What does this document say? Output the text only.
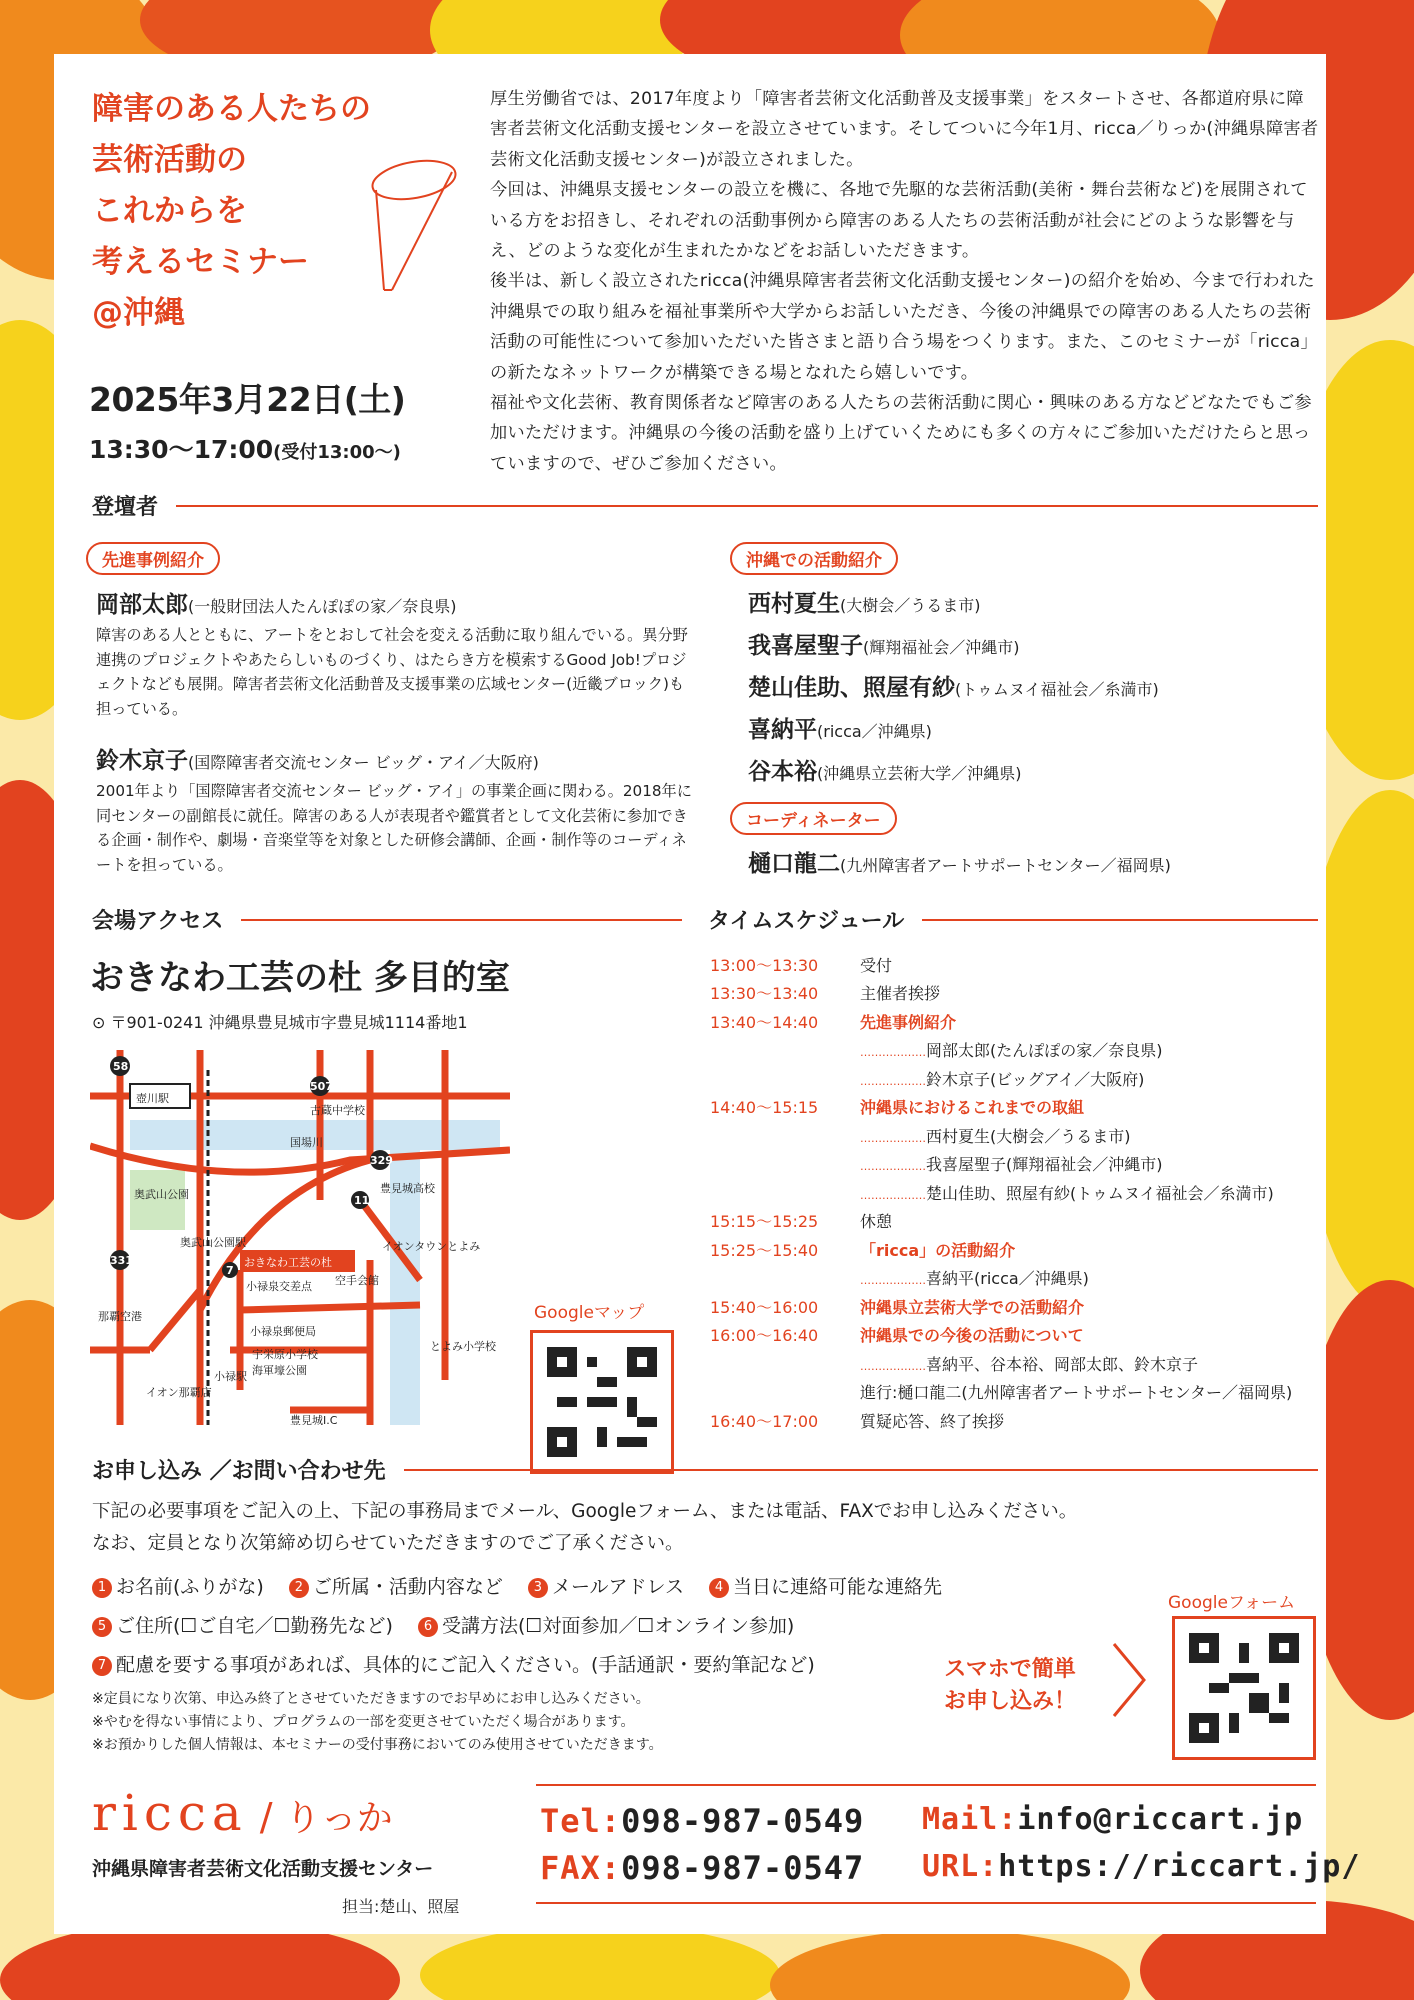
障害のある人たちの
芸術活動の
これからを
考えるセミナー
@沖縄
2025年3月22日(土)
13:30〜17:00(受付13:00〜)

厚生労働省では、2017年度より「障害者芸術文化活動普及支援事業」をスタートさせ、各都道府県に障害者芸術文化活動支援センターを設立させています。そしてついに今年1月、ricca／りっか(沖縄県障害者芸術文化活動支援センター)が設立されました。

今回は、沖縄県支援センターの設立を機に、各地で先駆的な芸術活動(美術・舞台芸術など)を展開されている方をお招きし、それぞれの活動事例から障害のある人たちの芸術活動が社会にどのような影響を与え、どのような変化が生まれたかなどをお話しいただきます。

後半は、新しく設立されたricca(沖縄県障害者芸術文化活動支援センター)の紹介を始め、今まで行われた沖縄県での取り組みを福祉事業所や大学からお話しいただき、今後の沖縄県での障害のある人たちの芸術活動の可能性について参加いただいた皆さまと語り合う場をつくります。また、このセミナーが「ricca」の新たなネットワークが構築できる場となれたら嬉しいです。

福祉や文化芸術、教育関係者など障害のある人たちの芸術活動に関心・興味のある方などどなたでもご参加いただけます。沖縄県の今後の活動を盛り上げていくためにも多くの方々にご参加いただけたらと思っていますので、ぜひご参加ください。

登壇者
先進事例紹介
岡部太郎(一般財団法人たんぽぽの家／奈良県)
障害のある人とともに、アートをとおして社会を変える活動に取り組んでいる。異分野連携のプロジェクトやあたらしいものづくり、はたらき方を模索するGood Job!プロジェクトなども展開。障害者芸術文化活動普及支援事業の広域センター(近畿ブロック)も担っている。
鈴木京子(国際障害者交流センター ビッグ・アイ／大阪府)
2001年より「国際障害者交流センター ビッグ・アイ」の事業企画に関わる。2018年に同センターの副館長に就任。障害のある人が表現者や鑑賞者として文化芸術に参加できる企画・制作や、劇場・音楽堂等を対象とした研修会講師、企画・制作等のコーディネートを担っている。
沖縄での活動紹介
西村夏生(大樹会／うるま市)
我喜屋聖子(輝翔福祉会／沖縄市)
楚山佳助、照屋有紗(トゥムヌイ福祉会／糸満市)
喜納平(ricca／沖縄県)
谷本裕(沖縄県立芸術大学／沖縄県)
コーディネーター
樋口龍二(九州障害者アートサポートセンター／福岡県)
会場アクセス
おきなわ工芸の杜 多目的室
⊙ 〒901-0241 沖縄県豊見城市字豊見城1114番地1
壺川駅
国場川
古蔵中学校
奥武山公園	豊見城高校
イオンタウンとよみ
おきなわ工芸の杜
小禄泉交差点 空手会館
小禄泉郵便局
宇栄原小学校
海軍壕公園
とよみ小学校
那覇空港
イオン那覇店
小禄駅
奥武山公園駅
豊見城I.C
58
507
329
11
7
331
Googleマップ
タイムスケジュール
13:00〜13:30	受付
13:30〜13:40	主催者挨拶
13:40〜14:40	先進事例紹介
………………岡部太郎(たんぽぽの家／奈良県)
………………鈴木京子(ビッグアイ／大阪府)
14:40〜15:15	沖縄県におけるこれまでの取組
………………西村夏生(大樹会／うるま市)
………………我喜屋聖子(輝翔福祉会／沖縄市)
………………楚山佳助、照屋有紗(トゥムヌイ福祉会／糸満市)
15:15〜15:25	休憩
15:25〜15:40	「ricca」の活動紹介
………………喜納平(ricca／沖縄県)
15:40〜16:00	沖縄県立芸術大学での活動紹介
16:00〜16:40	沖縄県での今後の活動について
………………喜納平、谷本裕、岡部太郎、鈴木京子
進行:樋口龍二(九州障害者アートサポートセンター／福岡県)
16:40〜17:00	質疑応答、終了挨拶
お申し込み ／お問い合わせ先
下記の必要事項をご記入の上、下記の事務局までメール、Googleフォーム、または電話、FAXでお申し込みください。
なお、定員となり次第締め切らせていただきますのでご了承ください。
1 お名前(ふりがな)　 2 ご所属・活動内容など　 3 メールアドレス　 4 当日に連絡可能な連絡先
5 ご住所(☐ご自宅／☐勤務先など)　 6 受講方法(☐対面参加／☐オンライン参加)
7 配慮を要する事項があれば、具体的にご記入ください。(手話通訳・要約筆記など)
※定員になり次第、申込み終了とさせていただきますのでお早めにお申し込みください。
※やむを得ない事情により、プログラムの一部を変更させていただく場合があります。
※お預かりした個人情報は、本セミナーの受付事務においてのみ使用させていただきます。
スマホで簡単
お申し込み！
Googleフォーム
ricca / りっか
沖縄県障害者芸術文化活動支援センター
担当:楚山、照屋
Tel:098-987-0549
FAX:098-987-0547
Mail:info@riccart.jp
URL:https://riccart.jp/
